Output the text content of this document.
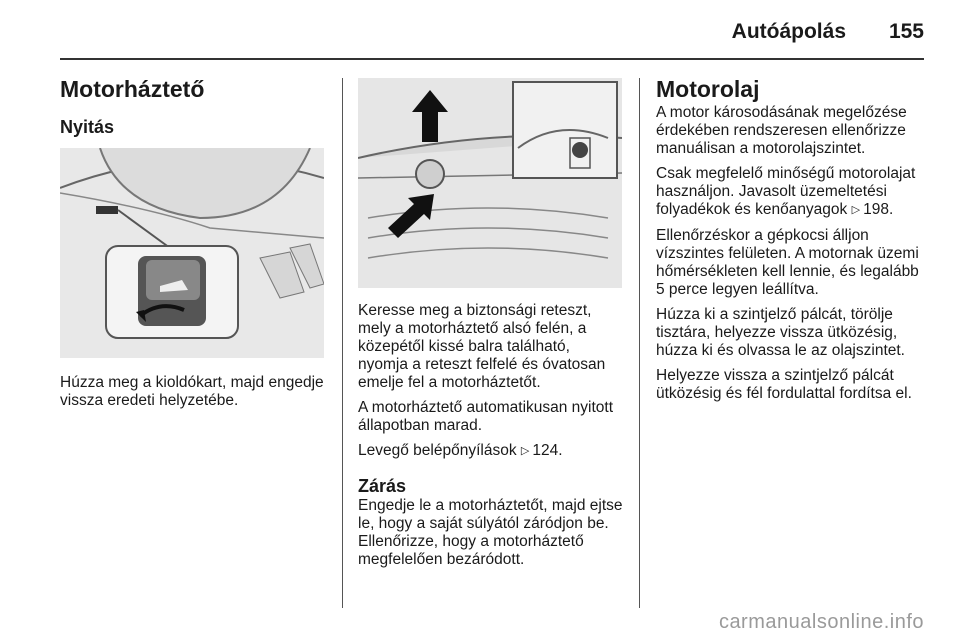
Autóápolás 155
Motorháztető
Nyitás

Húzza meg a kioldókart, majd engedje vissza eredeti helyzetébe.

Keresse meg a biztonsági reteszt, mely a motorháztető alsó felén, a közepétől kissé balra található, nyomja a reteszt felfelé és óvatosan emelje fel a motorháztetőt.

A motorháztető automatikusan nyitott állapotban marad.

Levegő belépőnyílások ▷ 124.

Zárás

Engedje le a motorháztetőt, majd ejtse le, hogy a saját súlyától záródjon be. Ellenőrizze, hogy a motorháztető megfelelően bezáródott.

Motorolaj

A motor károsodásának megelőzése érdekében rendszeresen ellenőrizze manuálisan a motorolajszintet.

Csak megfelelő minőségű motorolajat használjon. Javasolt üzemeltetési folyadékok és kenőanyagok ▷ 198.

Ellenőrzéskor a gépkocsi álljon vízszintes felületen. A motornak üzemi hőmérsékleten kell lennie, és legalább 5 perce legyen leállítva.

Húzza ki a szintjelző pálcát, törölje tisztára, helyezze vissza ütközésig, húzza ki és olvassa le az olajszintet.

Helyezze vissza a szintjelző pálcát ütközésig és fél fordulattal fordítsa el.

carmanualsonline.info
